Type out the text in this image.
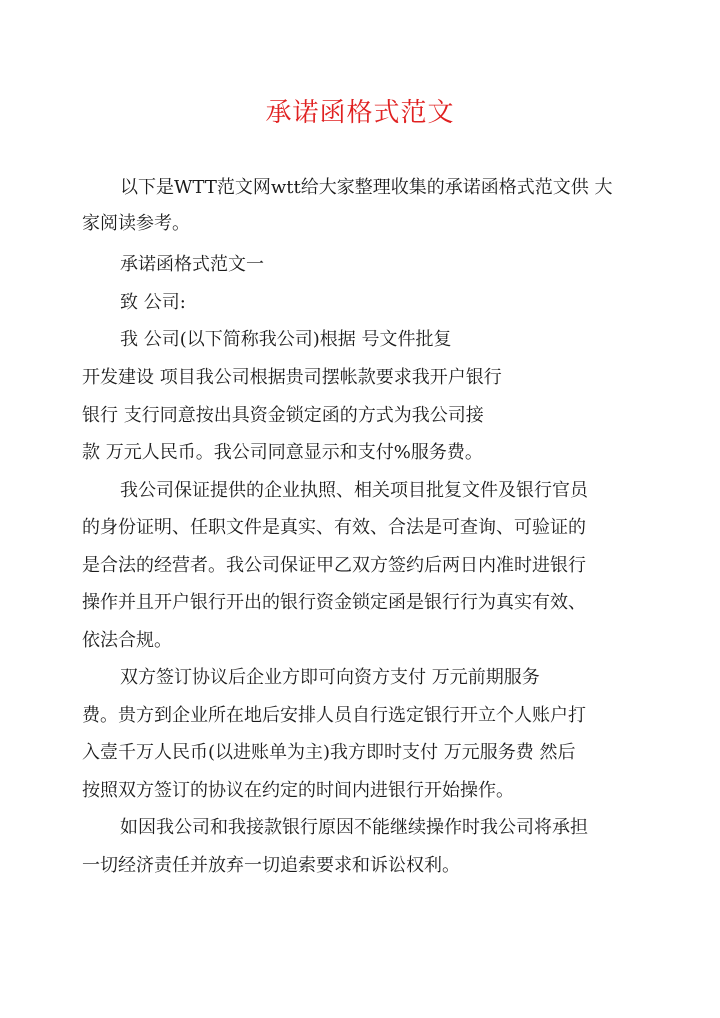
承诺函格式范文
以下是WTT范文网wtt给大家整理收集的承诺函格式范文供 大
家阅读参考。
承诺函格式范文一
致 公司:
我 公司(以下简称我公司)根据 号文件批复
开发建设 项目我公司根据贵司摆帐款要求我开户银行
银行 支行同意按出具资金锁定函的方式为我公司接
款 万元人民币。我公司同意显示和支付%服务费。
我公司保证提供的企业执照、相关项目批复文件及银行官员
的身份证明、任职文件是真实、有效、合法是可查询、可验证的
是合法的经营者。我公司保证甲乙双方签约后两日内准时进银行
操作并且开户银行开出的银行资金锁定函是银行行为真实有效、
依法合规。
双方签订协议后企业方即可向资方支付 万元前期服务
费。贵方到企业所在地后安排人员自行选定银行开立个人账户打
入壹千万人民币(以进账单为主)我方即时支付 万元服务费 然后
按照双方签订的协议在约定的时间内进银行开始操作。
如因我公司和我接款银行原因不能继续操作时我公司将承担
一切经济责任并放弃一切追索要求和诉讼权利。
